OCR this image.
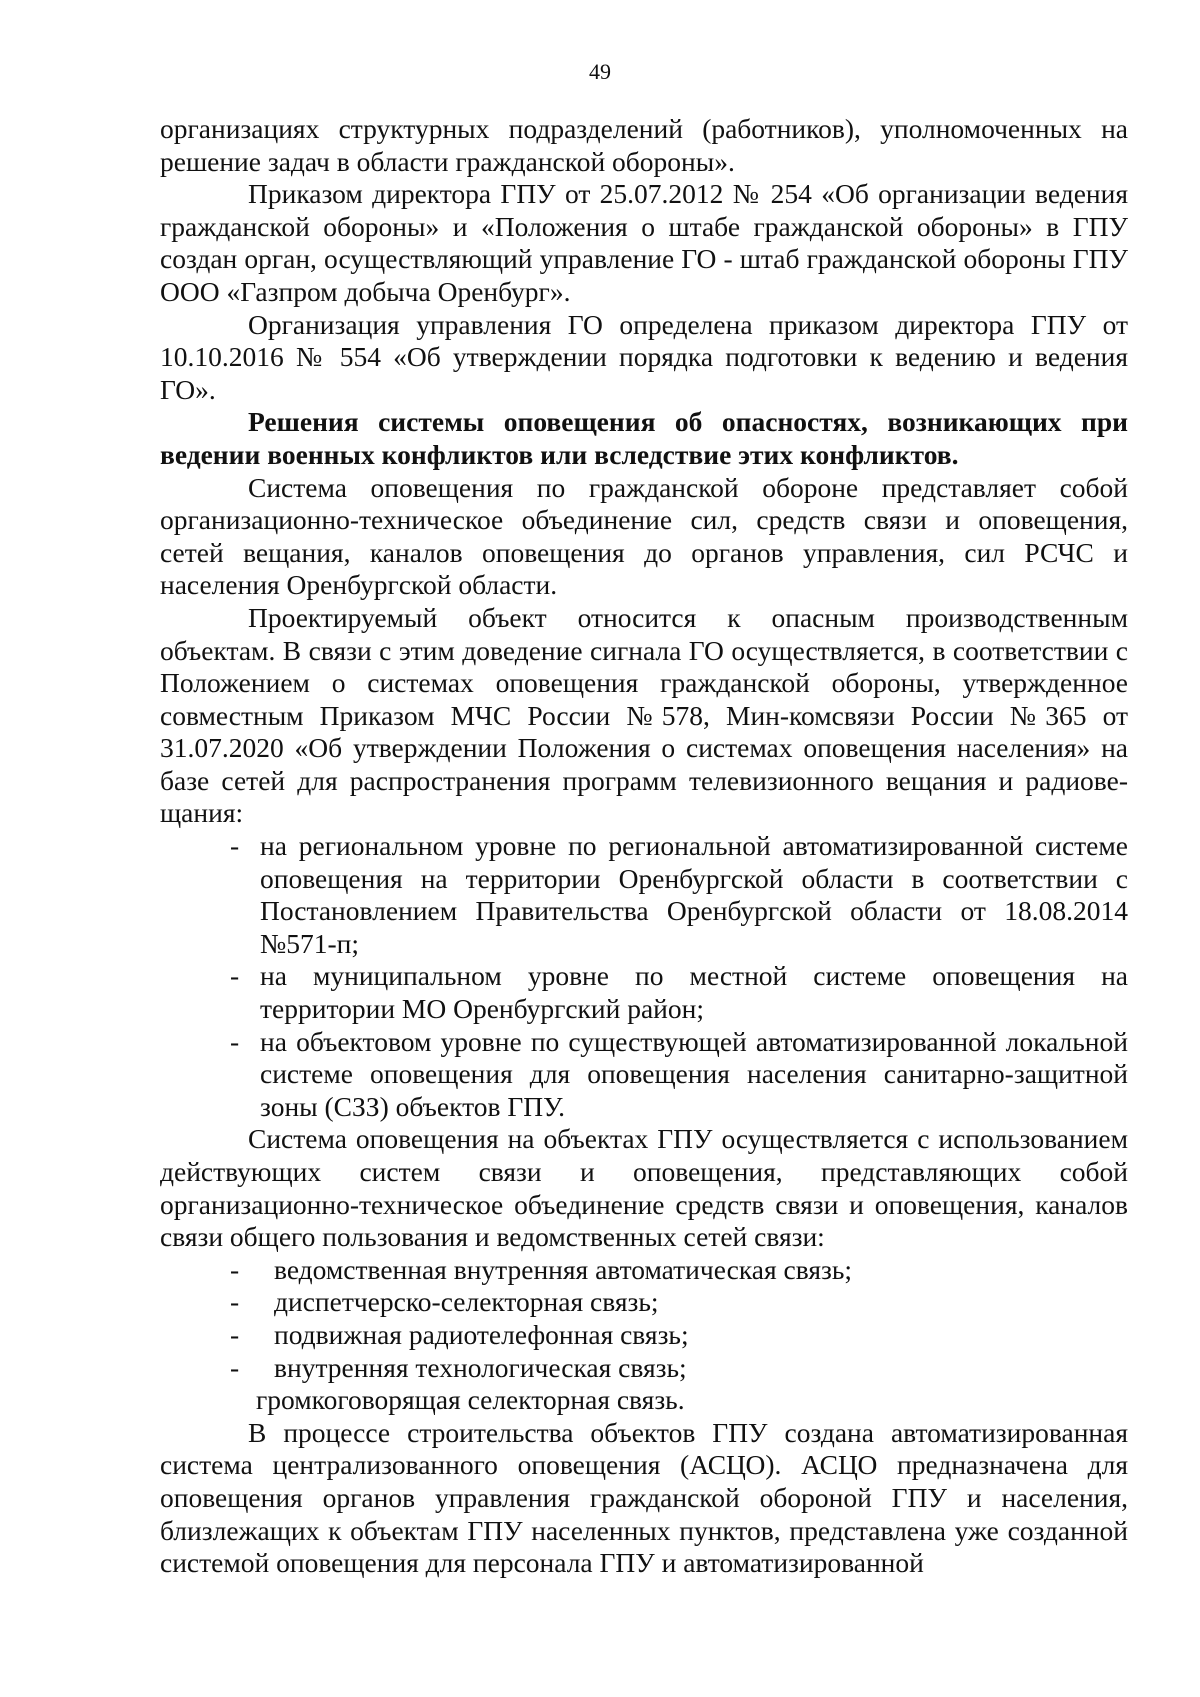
49

организациях структурных подразделений (работников), уполномоченных на решение задач в области гражданской обороны».

Приказом директора ГПУ от 25.07.2012 № 254 «Об организации ведения гражданской обороны» и «Положения о штабе гражданской обороны» в ГПУ создан орган, осуществляющий управление ГО - штаб гражданской обороны ГПУ ООО «Газпром добыча Оренбург».

Организация управления ГО определена приказом директора ГПУ от 10.10.2016 № 554 «Об утверждении порядка подготовки к ведению и ведения ГО».

Решения системы оповещения об опасностях, возникающих при ведении военных конфликтов или вследствие этих конфликтов.

Система оповещения по гражданской обороне представляет собой организационно-техническое объединение сил, средств связи и оповещения, сетей вещания, каналов оповещения до органов управления, сил РСЧС и населения Оренбургской области.

Проектируемый объект относится к опасным производственным объектам. В связи с этим доведение сигнала ГО осуществляется, в соответствии с Положением о системах оповещения гражданской обороны, утвержденное совместным Приказом МЧС России №578, Мин-комсвязи России №365 от 31.07.2020 «Об утверждении Положения о системах оповещения населения» на базе сетей для распространения программ телевизионного вещания и радиове-щания:

- на региональном уровне по региональной автоматизированной системе оповещения на территории Оренбургской области в соответствии с Постановлением Правительства Оренбургской области от 18.08.2014 №571-п;
- на муниципальном уровне по местной системе оповещения на территории МО Оренбургский район;
- на объектовом уровне по существующей автоматизированной локальной системе оповещения для оповещения населения санитарно-защитной зоны (СЗЗ) объектов ГПУ.

Система оповещения на объектах ГПУ осуществляется с использованием действующих систем связи и оповещения, представляющих собой организационно-техническое объединение средств связи и оповещения, каналов связи общего пользования и ведомственных сетей связи:

- ведомственная внутренняя автоматическая связь;
- диспетчерско-селекторная связь;
- подвижная радиотелефонная связь;
- внутренняя технологическая связь;

громкоговорящая селекторная связь.

В процессе строительства объектов ГПУ создана автоматизированная система централизованного оповещения (АСЦО). АСЦО предназначена для оповещения органов управления гражданской обороной ГПУ и населения, близлежащих к объектам ГПУ населенных пунктов, представлена уже созданной системой оповещения для персонала ГПУ и автоматизированной
